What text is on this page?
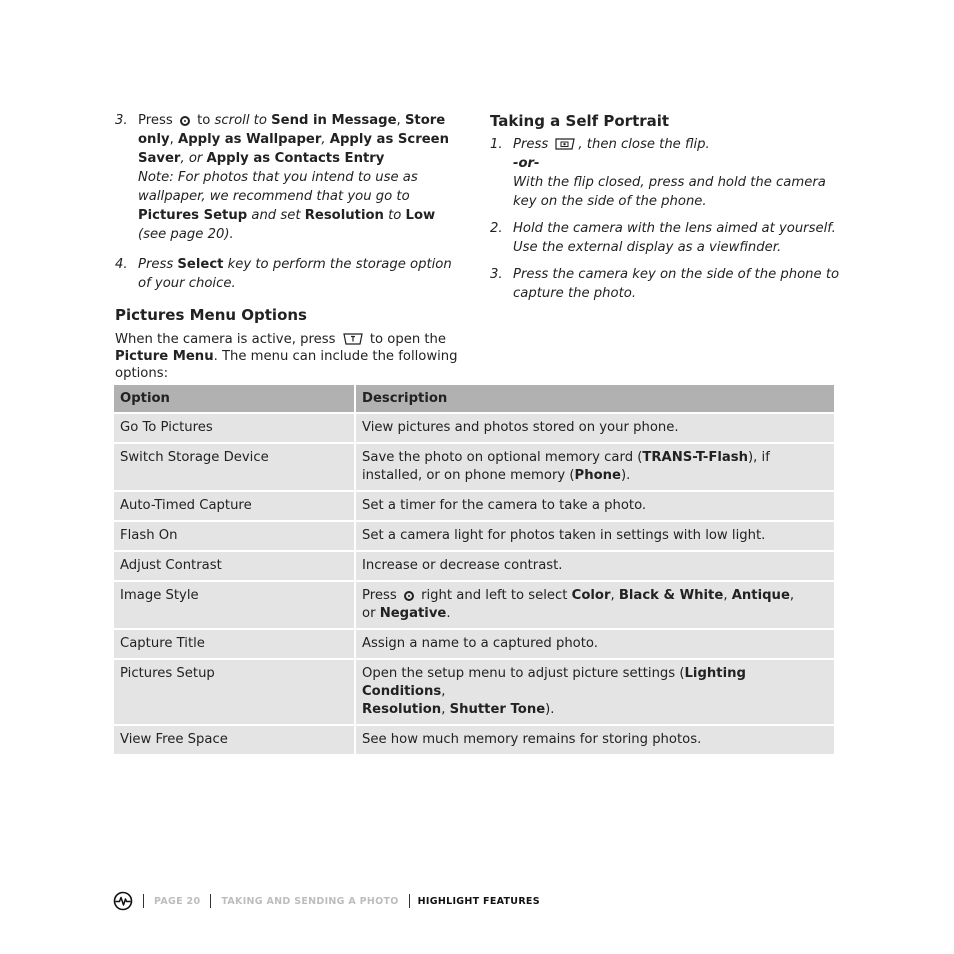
3. Press  to scroll to Send in Message, Store only, Apply as Wallpaper, Apply as Screen Saver, or Apply as Contacts Entry

Note: For photos that you intend to use as wallpaper, we recommend that you go to Pictures Setup and set Resolution to Low (see page 20).

4. Press Select key to perform the storage option of your choice.

Pictures Menu Options

When the camera is active, press  to open the Picture Menu. The menu can include the following options:

Taking a Self Portrait
1. Press , then close the flip.

-or-

With the flip closed, press and hold the camera key on the side of the phone.

2. Hold the camera with the lens aimed at yourself. Use the external display as a viewfinder.

3. Press the camera key on the side of the phone to capture the photo.

Option	Description
Go To Pictures	View pictures and photos stored on your phone.
Switch Storage Device	Save the photo on optional memory card (TRANS-T-Flash), if installed, or on phone memory (Phone).
Auto-Timed Capture	Set a timer for the camera to take a photo.
Flash On	Set a camera light for photos taken in settings with low light.
Adjust Contrast	Increase or decrease contrast.
Image Style	Press  right and left to select Color, Black & White, Antique,
or Negative.
Capture Title	Assign a name to a captured photo.
Pictures Setup	Open the setup menu to adjust picture settings (Lighting Conditions,
Resolution, Shutter Tone).
View Free Space	See how much memory remains for storing photos.
PAGE 20 TAKING AND SENDING A PHOTO HIGHLIGHT FEATURES
